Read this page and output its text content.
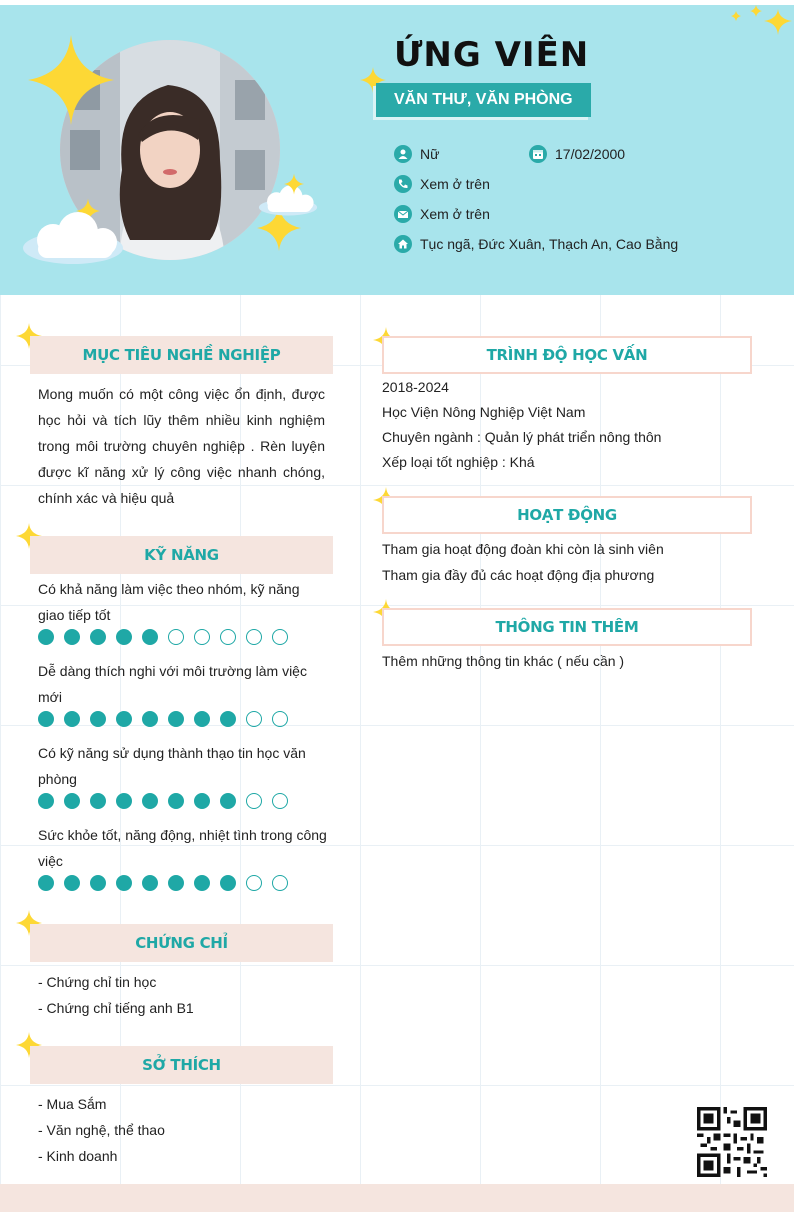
ỨNG VIÊN
VĂN THƯ, VĂN PHÒNG
Nữ	17/02/2000
Xem ở trên
Xem ở trên
Tục ngã, Đức Xuân, Thạch An, Cao Bằng
MỤC TIÊU NGHỀ NGHIỆP
Mong muốn có một công việc ổn định, được
học hỏi và tích lũy thêm nhiều kinh nghiệm
trong môi trường chuyên nghiệp . Rèn luyện
được kĩ năng xử lý công việc nhanh chóng,
chính xác và hiệu quả
KỸ NĂNG
Có khả năng làm việc theo nhóm, kỹ năng
giao tiếp tốt
Dễ dàng thích nghi với môi trường làm việc
mới
Có kỹ năng sử dụng thành thạo tin học văn
phòng
Sức khỏe tốt, năng động, nhiệt tình trong công
việc
CHỨNG CHỈ
- Chứng chỉ tin học
- Chứng chỉ tiếng anh B1
SỞ THÍCH
- Mua Sắm
- Văn nghệ, thể thao
- Kinh doanh
TRÌNH ĐỘ HỌC VẤN
2018-2024
Học Viện Nông Nghiệp Việt Nam
Chuyên ngành : Quản lý phát triển nông thôn
Xếp loại tốt nghiệp : Khá
HOẠT ĐỘNG
Tham gia hoạt động đoàn khi còn là sinh viên
Tham gia đầy đủ các hoạt động địa phương
THÔNG TIN THÊM
Thêm những thông tin khác ( nếu cần )
